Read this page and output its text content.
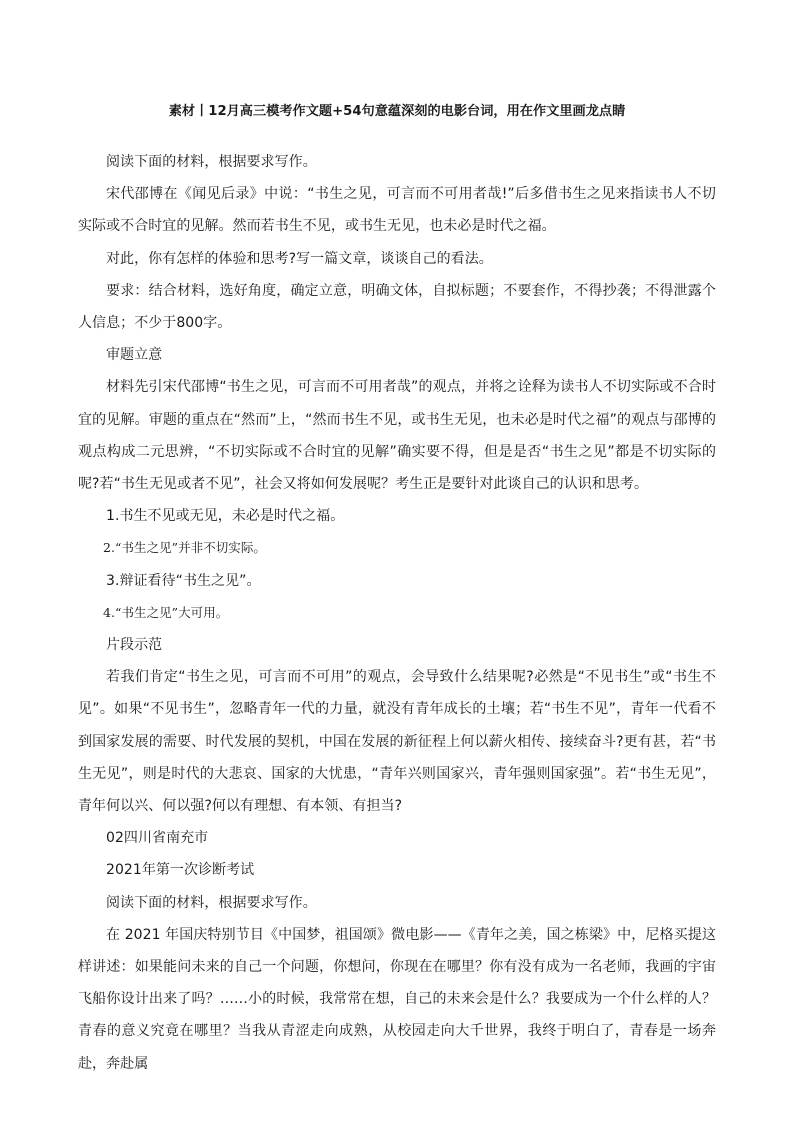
素材丨12月高三模考作文题+54句意蕴深刻的电影台词，用在作文里画龙点睛

阅读下面的材料，根据要求写作。

宋代邵博在《闻见后录》中说：“书生之见，可言而不可用者哉!”后多借书生之见来指读书人不切实际或不合时宜的见解。然而若书生不见，或书生无见，也未必是时代之福。

对此，你有怎样的体验和思考?写一篇文章，谈谈自己的看法。

要求：结合材料，选好角度，确定立意，明确文体，自拟标题；不要套作，不得抄袭；不得泄露个人信息；不少于800字。

审题立意

材料先引宋代邵博“书生之见，可言而不可用者哉”的观点，并将之诠释为读书人不切实际或不合时宜的见解。审题的重点在“然而”上，“然而书生不见，或书生无见，也未必是时代之福”的观点与邵博的观点构成二元思辨，“不切实际或不合时宜的见解”确实要不得，但是是否“书生之见”都是不切实际的呢?若“书生无见或者不见”，社会又将如何发展呢？考生正是要针对此谈自己的认识和思考。

1.书生不见或无见，未必是时代之福。

2.“书生之见”并非不切实际。

3.辩证看待“书生之见”。

4.“书生之见”大可用。

片段示范

若我们肯定“书生之见，可言而不可用”的观点，会导致什么结果呢?必然是“不见书生”或“书生不见”。如果“不见书生”，忽略青年一代的力量，就没有青年成长的土壤；若“书生不见”，青年一代看不到国家发展的需要、时代发展的契机，中国在发展的新征程上何以薪火相传、接续奋斗?更有甚，若“书生无见”，则是时代的大悲哀、国家的大忧患，“青年兴则国家兴，青年强则国家强”。若“书生无见”，青年何以兴、何以强?何以有理想、有本领、有担当?

02四川省南充市

2021年第一次诊断考试

阅读下面的材料，根据要求写作。

在 2021 年国庆特别节目《中国梦，祖国颂》微电影——《青年之美，国之栋梁》中，尼格买提这样讲述：如果能问未来的自己一个问题，你想问，你现在在哪里？你有没有成为一名老师，我画的宇宙飞船你设计出来了吗？……小的时候，我常常在想，自己的未来会是什么？我要成为一个什么样的人？青春的意义究竟在哪里？当我从青涩走向成熟，从校园走向大千世界，我终于明白了，青春是一场奔赴，奔赴属
